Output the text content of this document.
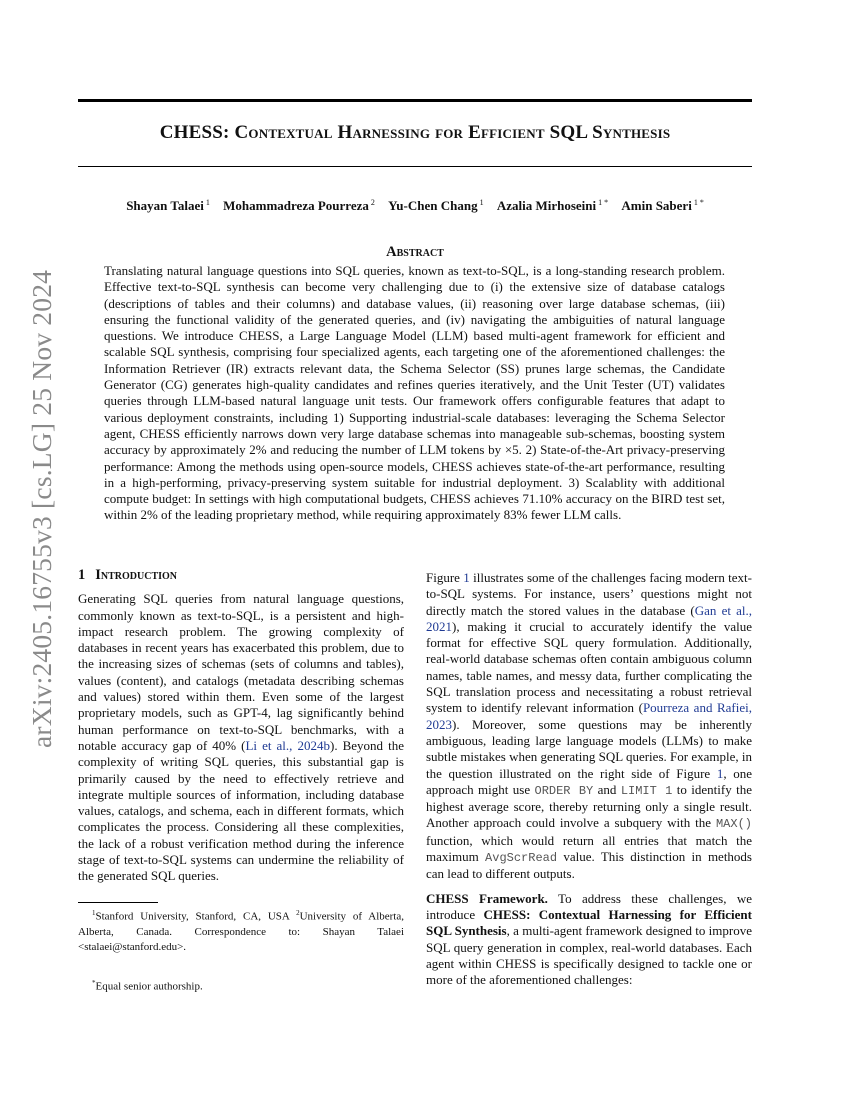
arXiv:2405.16755v3 [cs.LG] 25 Nov 2024
CHESS: Contextual Harnessing for Efficient SQL Synthesis
Shayan Talaei $^1$ Mohammadreza Pourreza $^2$ Yu-Chen Chang $^1$ Azalia Mirhoseini $^{1 *}$ Amin Saberi $^{1 *}$
Abstract

Translating natural language questions into SQL queries, known as text-to-SQL, is a long-standing research problem. Effective text-to-SQL synthesis can become very challenging due to (i) the extensive size of database catalogs (descriptions of tables and their columns) and database values, (ii) reasoning over large database schemas, (iii) ensuring the functional validity of the generated queries, and (iv) navigating the ambiguities of natural language questions. We introduce CHESS, a Large Language Model (LLM) based multi-agent framework for efficient and scalable SQL synthesis, comprising four specialized agents, each targeting one of the aforementioned challenges: the Information Retriever (IR) extracts relevant data, the Schema Selector (SS) prunes large schemas, the Candidate Generator (CG) generates high-quality candidates and refines queries iteratively, and the Unit Tester (UT) validates queries through LLM-based natural language unit tests. Our framework offers configurable features that adapt to various deployment constraints, including 1) Supporting industrial-scale databases: leveraging the Schema Selector agent, CHESS efficiently narrows down very large database schemas into manageable sub-schemas, boosting system accuracy by approximately 2% and reducing the number of LLM tokens by ×5. 2) State-of-the-Art privacy-preserving performance: Among the methods using open-source models, CHESS achieves state-of-the-art performance, resulting in a high-performing, privacy-preserving system suitable for industrial deployment. 3) Scalablity with additional compute budget: In settings with high computational budgets, CHESS achieves 71.10% accuracy on the BIRD test set, within 2% of the leading proprietary method, while requiring approximately 83% fewer LLM calls.

1 Introduction

Generating SQL queries from natural language questions, commonly known as text-to-SQL, is a persistent and high-impact research problem. The growing complexity of databases in recent years has exacerbated this problem, due to the increasing sizes of schemas (sets of columns and tables), values (content), and catalogs (metadata describing schemas and values) stored within them. Even some of the largest proprietary models, such as GPT-4, lag significantly behind human performance on text-to-SQL benchmarks, with a notable accuracy gap of 40% (Li et al., 2024b). Beyond the complexity of writing SQL queries, this substantial gap is primarily caused by the need to effectively retrieve and integrate multiple sources of information, including database values, catalogs, and schema, each in different formats, which complicates the process. Considering all these complexities, the lack of a robust verification method during the inference stage of text-to-SQL systems can undermine the reliability of the generated SQL queries.

$^1$Stanford University, Stanford, CA, USA $^2$University of Alberta, Alberta, Canada. Correspondence to: Shayan Talaei <stalaei@stanford.edu>.
*Equal senior authorship.

Figure 1 illustrates some of the challenges facing modern text-to-SQL systems. For instance, users’ questions might not directly match the stored values in the database (Gan et al., 2021), making it crucial to accurately identify the value format for effective SQL query formulation. Additionally, real-world database schemas often contain ambiguous column names, table names, and messy data, further complicating the SQL translation process and necessitating a robust retrieval system to identify relevant information (Pourreza and Rafiei, 2023). Moreover, some questions may be inherently ambiguous, leading large language models (LLMs) to make subtle mistakes when generating SQL queries. For example, in the question illustrated on the right side of Figure 1, one approach might use ORDER BY and LIMIT 1 to identify the highest average score, thereby returning only a single result. Another approach could involve a subquery with the MAX() function, which would return all entries that match the maximum AvgScrRead value. This distinction in methods can lead to different outputs.

CHESS Framework. To address these challenges, we introduce CHESS: Contextual Harnessing for Efficient SQL Synthesis, a multi-agent framework designed to improve SQL query generation in complex, real-world databases. Each agent within CHESS is specifically designed to tackle one or more of the aforementioned challenges:
